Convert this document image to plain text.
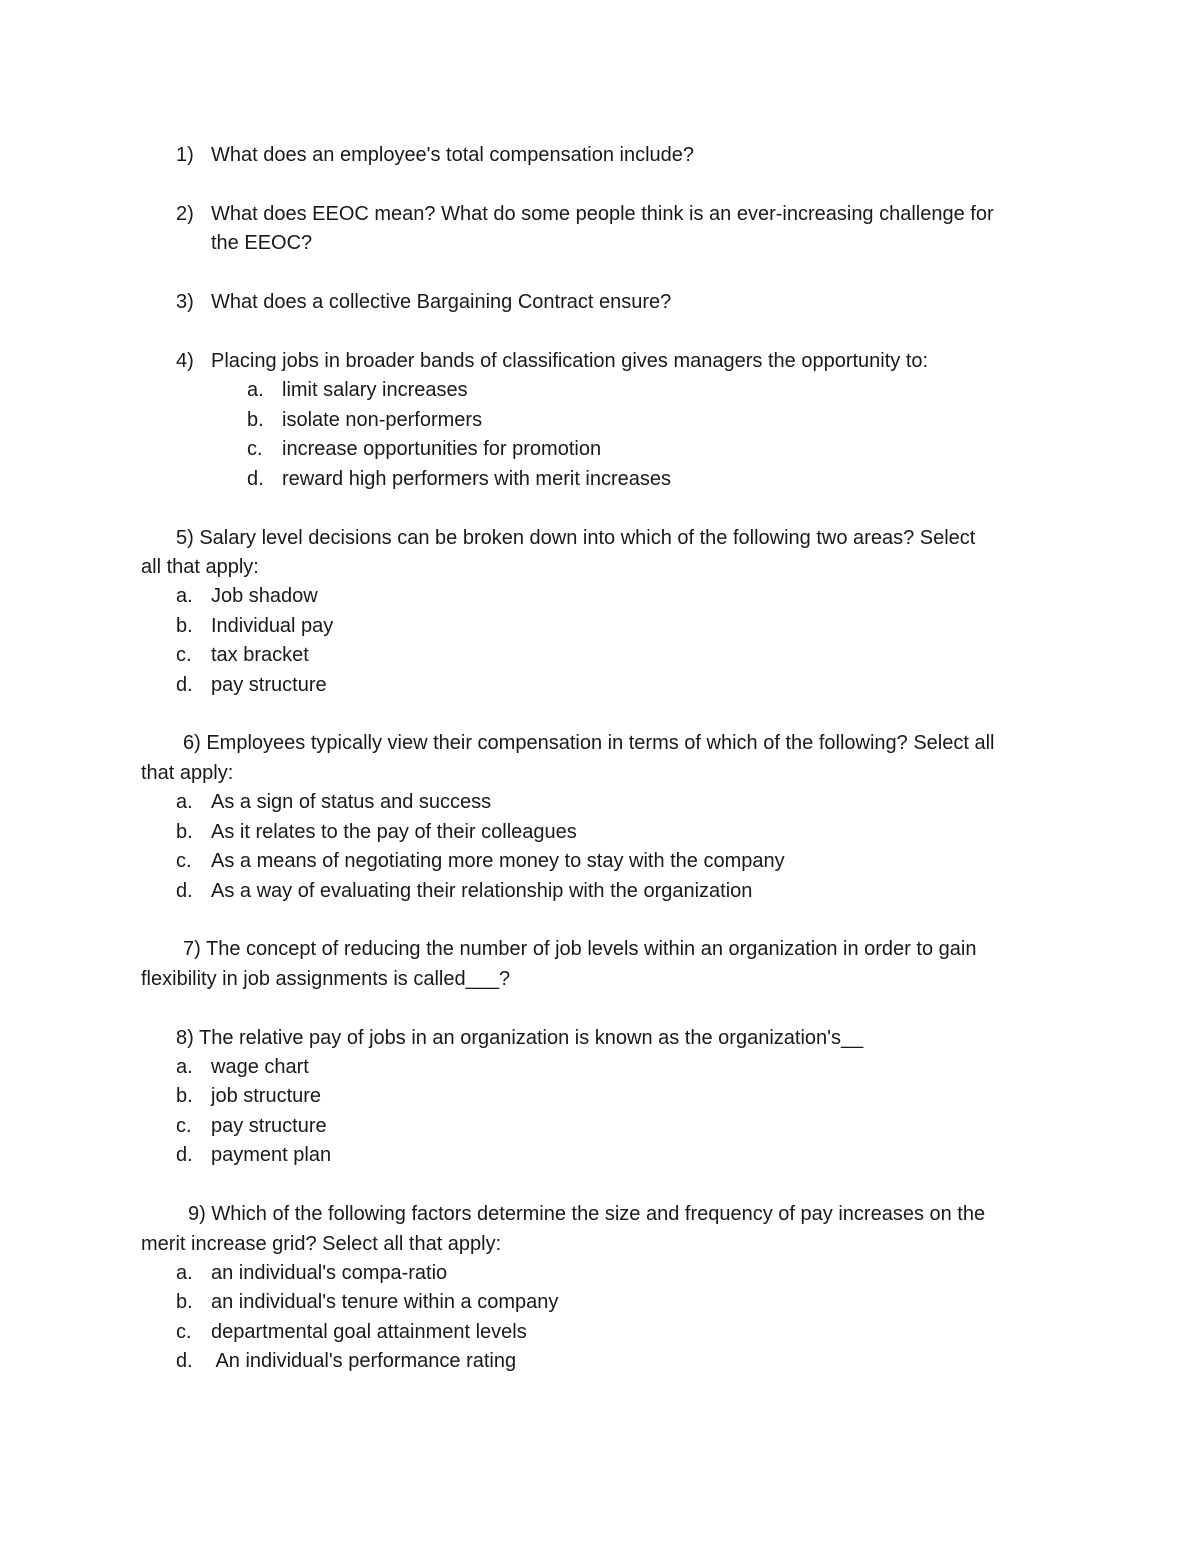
1) What does an employee's total compensation include?
2) What does EEOC mean? What do some people think is an ever-increasing challenge for
the EEOC?
3) What does a collective Bargaining Contract ensure?
4) Placing jobs in broader bands of classification gives managers the opportunity to:
a. limit salary increases
b. isolate non-performers
c. increase opportunities for promotion
d. reward high performers with merit increases
5) Salary level decisions can be broken down into which of the following two areas? Select
all that apply:
a. Job shadow
b. Individual pay
c. tax bracket
d. pay structure
6) Employees typically view their compensation in terms of which of the following? Select all
that apply:
a. As a sign of status and success
b. As it relates to the pay of their colleagues
c. As a means of negotiating more money to stay with the company
d. As a way of evaluating their relationship with the organization
7) The concept of reducing the number of job levels within an organization in order to gain
flexibility in job assignments is called___?
8) The relative pay of jobs in an organization is known as the organization's__
a. wage chart
b. job structure
c. pay structure
d. payment plan
9) Which of the following factors determine the size and frequency of pay increases on the
merit increase grid? Select all that apply:
a. an individual's compa-ratio
b. an individual's tenure within a company
c. departmental goal attainment levels
d. An individual's performance rating
